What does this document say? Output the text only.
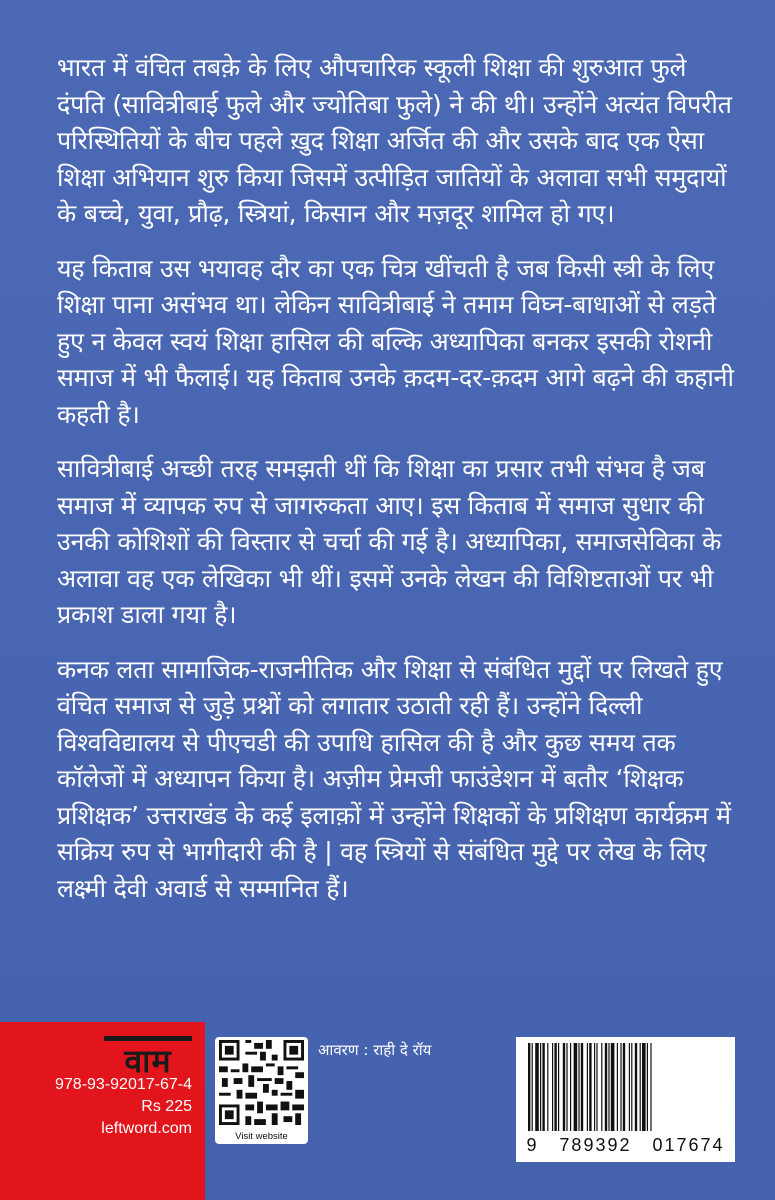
भारत में वंचित तबक़े के लिए औपचारिक स्कूली शिक्षा की शुरुआत फुले दंपति (सावित्रीबाई फुले और ज्योतिबा फुले) ने की थी। उन्होंने अत्यंत विपरीत परिस्थितियों के बीच पहले ख़ुद शिक्षा अर्जित की और उसके बाद एक ऐसा शिक्षा अभियान शुरु किया जिसमें उत्पीड़ित जातियों के अलावा सभी समुदायों के बच्चे, युवा, प्रौढ़, स्त्रियां, किसान और मज़दूर शामिल हो गए।

यह किताब उस भयावह दौर का एक चित्र खींचती है जब किसी स्त्री के लिए शिक्षा पाना असंभव था। लेकिन सावित्रीबाई ने तमाम विघ्न-बाधाओं से लड़ते हुए न केवल स्वयं शिक्षा हासिल की बल्कि अध्यापिका बनकर इसकी रोशनी समाज में भी फैलाई। यह किताब उनके क़दम-दर-क़दम आगे बढ़ने की कहानी कहती है।

सावित्रीबाई अच्छी तरह समझती थीं कि शिक्षा का प्रसार तभी संभव है जब समाज में व्यापक रुप से जागरुकता आए। इस किताब में समाज सुधार की उनकी कोशिशों की विस्तार से चर्चा की गई है। अध्यापिका, समाजसेविका के अलावा वह एक लेखिका भी थीं। इसमें उनके लेखन की विशिष्टताओं पर भी प्रकाश डाला गया है।

कनक लता सामाजिक-राजनीतिक और शिक्षा से संबंधित मुद्दों पर लिखते हुए वंचित समाज से जुड़े प्रश्नों को लगातार उठाती रही हैं। उन्होंने दिल्ली विश्वविद्यालय से पीएचडी की उपाधि हासिल की है और कुछ समय तक कॉलेजों में अध्यापन किया है। अज़ीम प्रेमजी फाउंडेशन में बतौर ‘शिक्षक प्रशिक्षक’ उत्तराखंड के कई इलाक़ों में उन्होंने शिक्षकों के प्रशिक्षण कार्यक्रम में सक्रिय रुप से भागीदारी की है | वह स्त्रियों से संबंधित मुद्दे पर लेख के लिए लक्ष्मी देवी अवार्ड से सम्मानित हैं।

वाम
978-93-92017-67-4
Rs 225
leftword.com	Visit website
आवरण : राही दे रॉय
9 789392 017674
